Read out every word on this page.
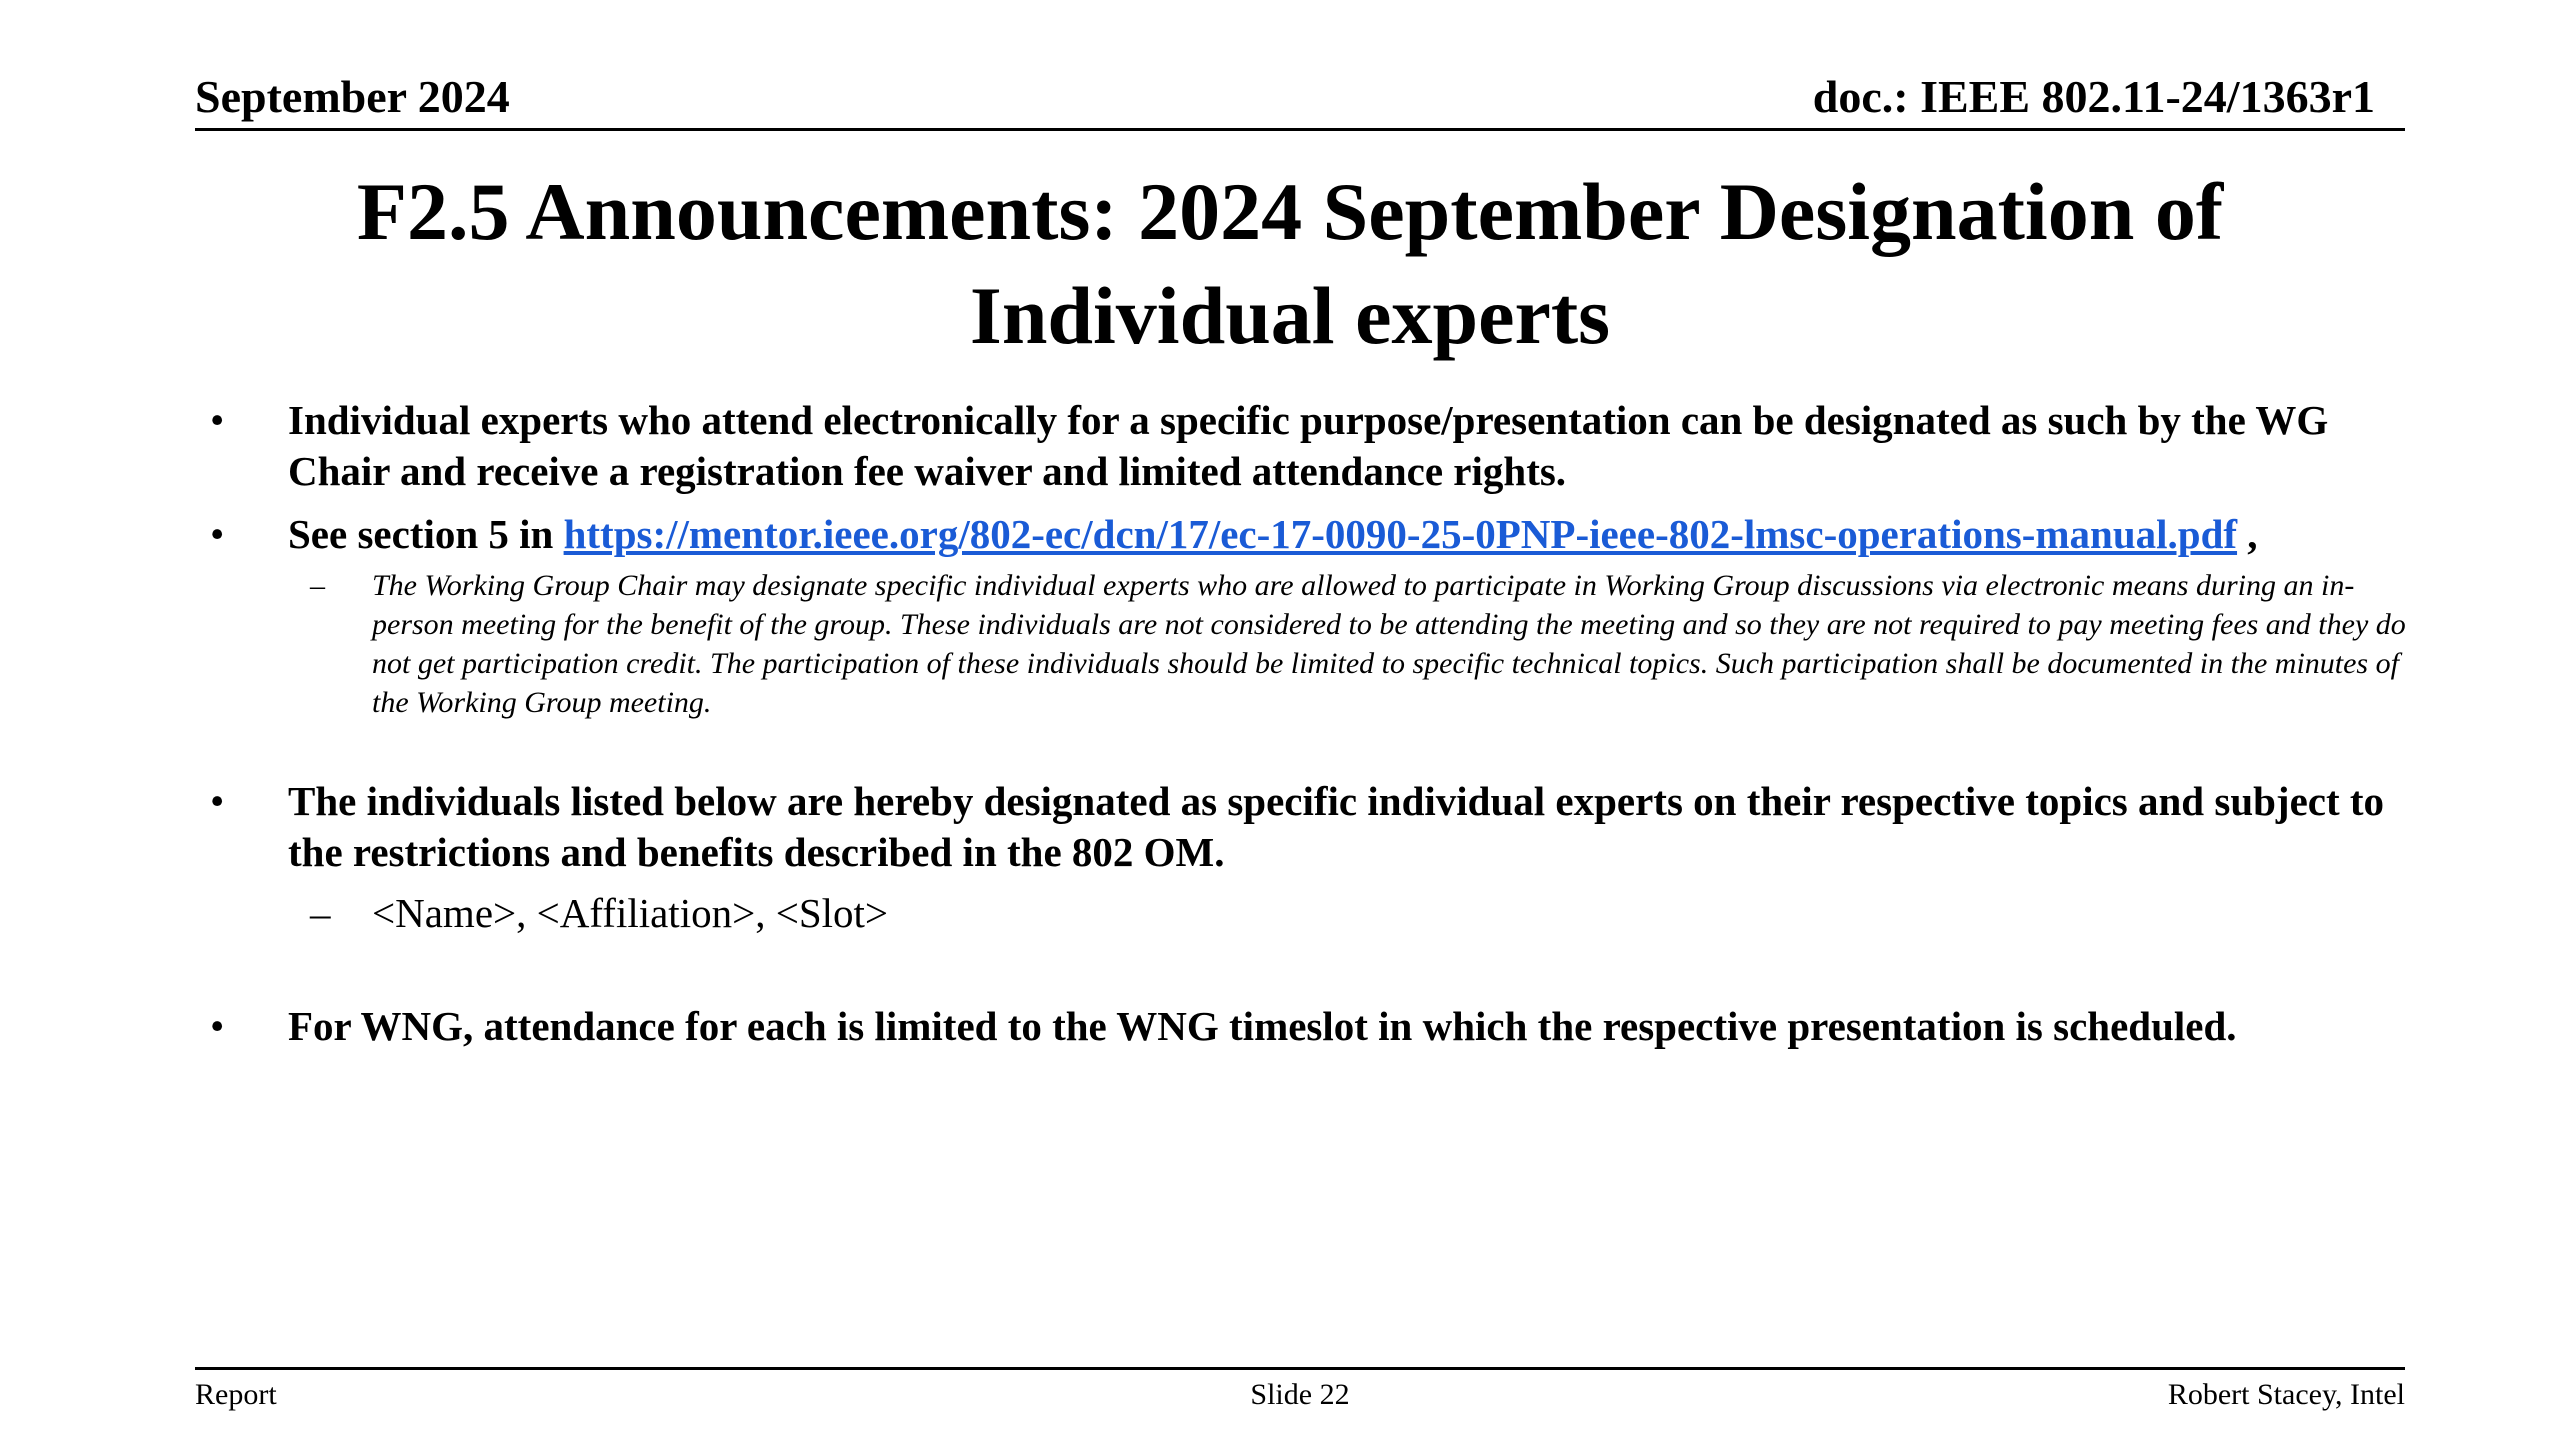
September 2024	doc.: IEEE 802.11-24/1363r1
F2.5 Announcements: 2024 September Designation of
Individual experts
• Individual experts who attend electronically for a specific purpose/presentation can be designated as such by the WG Chair and receive a registration fee waiver and limited attendance rights.
• See section 5 in https://mentor.ieee.org/802-ec/dcn/17/ec-17-0090-25-0PNP-ieee-802-lmsc-operations-manual.pdf ,
– The Working Group Chair may designate specific individual experts who are allowed to participate in Working Group discussions via electronic means during an in-person meeting for the benefit of the group. These individuals are not considered to be attending the meeting and so they are not required to pay meeting fees and they do not get participation credit. The participation of these individuals should be limited to specific technical topics. Such participation shall be documented in the minutes of the Working Group meeting.
• The individuals listed below are hereby designated as specific individual experts on their respective topics and subject to the restrictions and benefits described in the 802 OM.
– <Name>, <Affiliation>, <Slot>
• For WNG, attendance for each is limited to the WNG timeslot in which the respective presentation is scheduled.
Report	Slide 22	Robert Stacey, Intel
